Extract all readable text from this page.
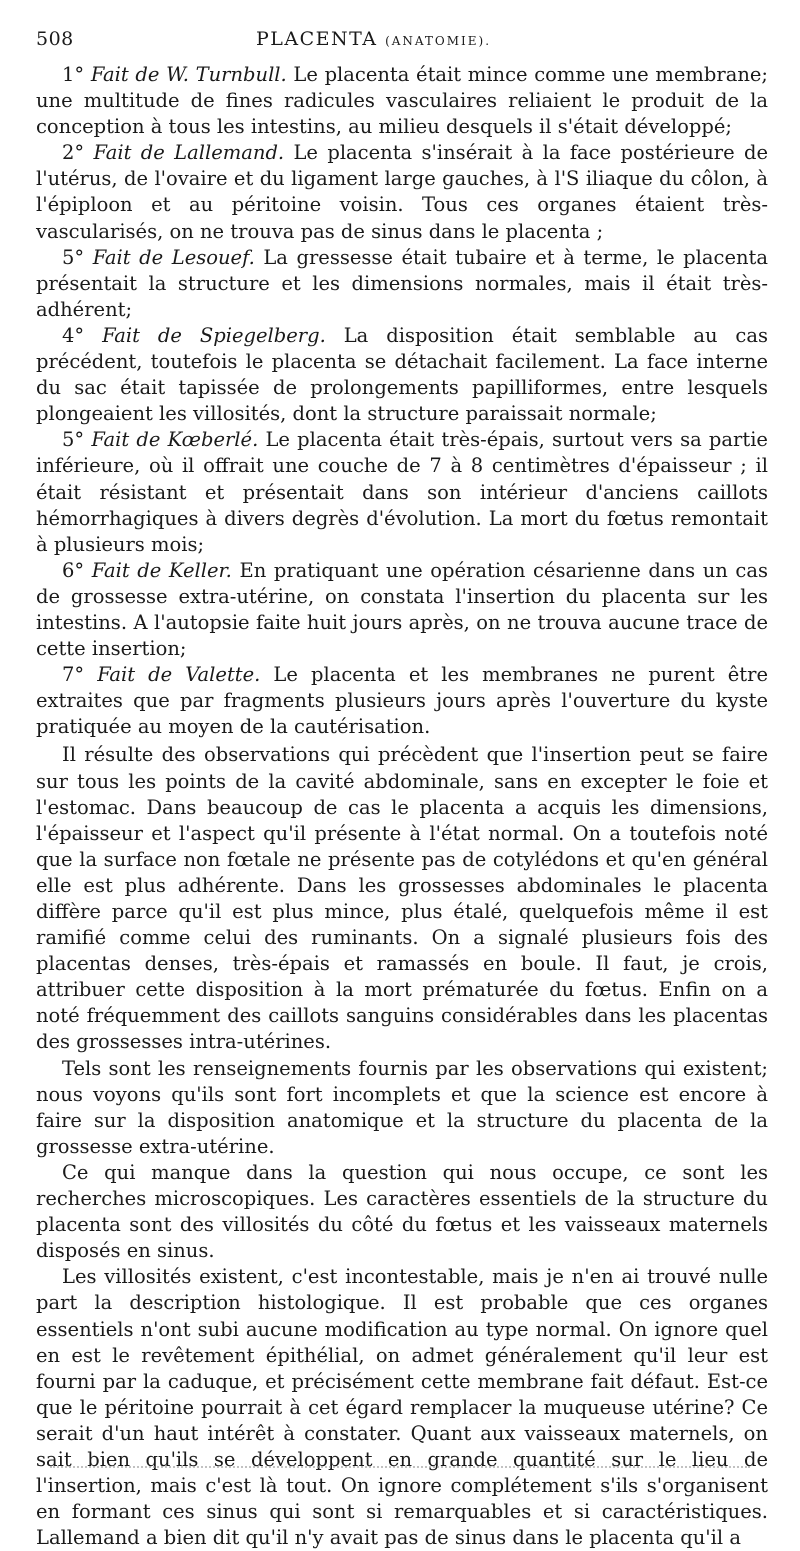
508	PLACENTA (ANATOMIE).

1° Fait de W. Turnbull. Le placenta était mince comme une membrane; une multitude de fines radicules vasculaires reliaient le produit de la conception à tous les intestins, au milieu desquels il s'était développé;

2° Fait de Lallemand. Le placenta s'insérait à la face postérieure de l'utérus, de l'ovaire et du ligament large gauches, à l'S iliaque du côlon, à l'épiploon et au péritoine voisin. Tous ces organes étaient très-vascularisés, on ne trouva pas de sinus dans le placenta ;

5° Fait de Lesouef. La gressesse était tubaire et à terme, le placenta présentait la structure et les dimensions normales, mais il était très-adhérent;

4° Fait de Spiegelberg. La disposition était semblable au cas précédent, toutefois le placenta se détachait facilement. La face interne du sac était tapissée de prolongements papilliformes, entre lesquels plongeaient les villosités, dont la structure paraissait normale;

5° Fait de Kœberlé. Le placenta était très-épais, surtout vers sa partie inférieure, où il offrait une couche de 7 à 8 centimètres d'épaisseur ; il était résistant et présentait dans son intérieur d'anciens caillots hémorrhagiques à divers degrès d'évolution. La mort du fœtus remontait à plusieurs mois;

6° Fait de Keller. En pratiquant une opération césarienne dans un cas de grossesse extra-utérine, on constata l'insertion du placenta sur les intestins. A l'autopsie faite huit jours après, on ne trouva aucune trace de cette insertion;

7° Fait de Valette. Le placenta et les membranes ne purent être extraites que par fragments plusieurs jours après l'ouverture du kyste pratiquée au moyen de la cautérisation.

Il résulte des observations qui précèdent que l'insertion peut se faire sur tous les points de la cavité abdominale, sans en excepter le foie et l'estomac. Dans beaucoup de cas le placenta a acquis les dimensions, l'épaisseur et l'aspect qu'il présente à l'état normal. On a toutefois noté que la surface non fœtale ne présente pas de cotylédons et qu'en général elle est plus adhérente. Dans les grossesses abdominales le placenta diffère parce qu'il est plus mince, plus étalé, quelquefois même il est ramifié comme celui des ruminants. On a signalé plusieurs fois des placentas denses, très-épais et ramassés en boule. Il faut, je crois, attribuer cette disposition à la mort prématurée du fœtus. Enfin on a noté fréquemment des caillots sanguins considérables dans les placentas des grossesses intra-utérines.

Tels sont les renseignements fournis par les observations qui existent; nous voyons qu'ils sont fort incomplets et que la science est encore à faire sur la disposition anatomique et la structure du placenta de la grossesse extra-utérine.

Ce qui manque dans la question qui nous occupe, ce sont les recherches microscopiques. Les caractères essentiels de la structure du placenta sont des villosités du côté du fœtus et les vaisseaux maternels disposés en sinus.

Les villosités existent, c'est incontestable, mais je n'en ai trouvé nulle part la description histologique. Il est probable que ces organes essentiels n'ont subi aucune modification au type normal. On ignore quel en est le revêtement épithélial, on admet généralement qu'il leur est fourni par la caduque, et précisément cette membrane fait défaut. Est-ce que le péritoine pourrait à cet égard remplacer la muqueuse utérine? Ce serait d'un haut intérêt à constater. Quant aux vaisseaux maternels, on sait bien qu'ils se développent en grande quantité sur le lieu de l'insertion, mais c'est là tout. On ignore complétement s'ils s'organisent en formant ces sinus qui sont si remarquables et si caractéristiques. Lallemand a bien dit qu'il n'y avait pas de sinus dans le placenta qu'il a
